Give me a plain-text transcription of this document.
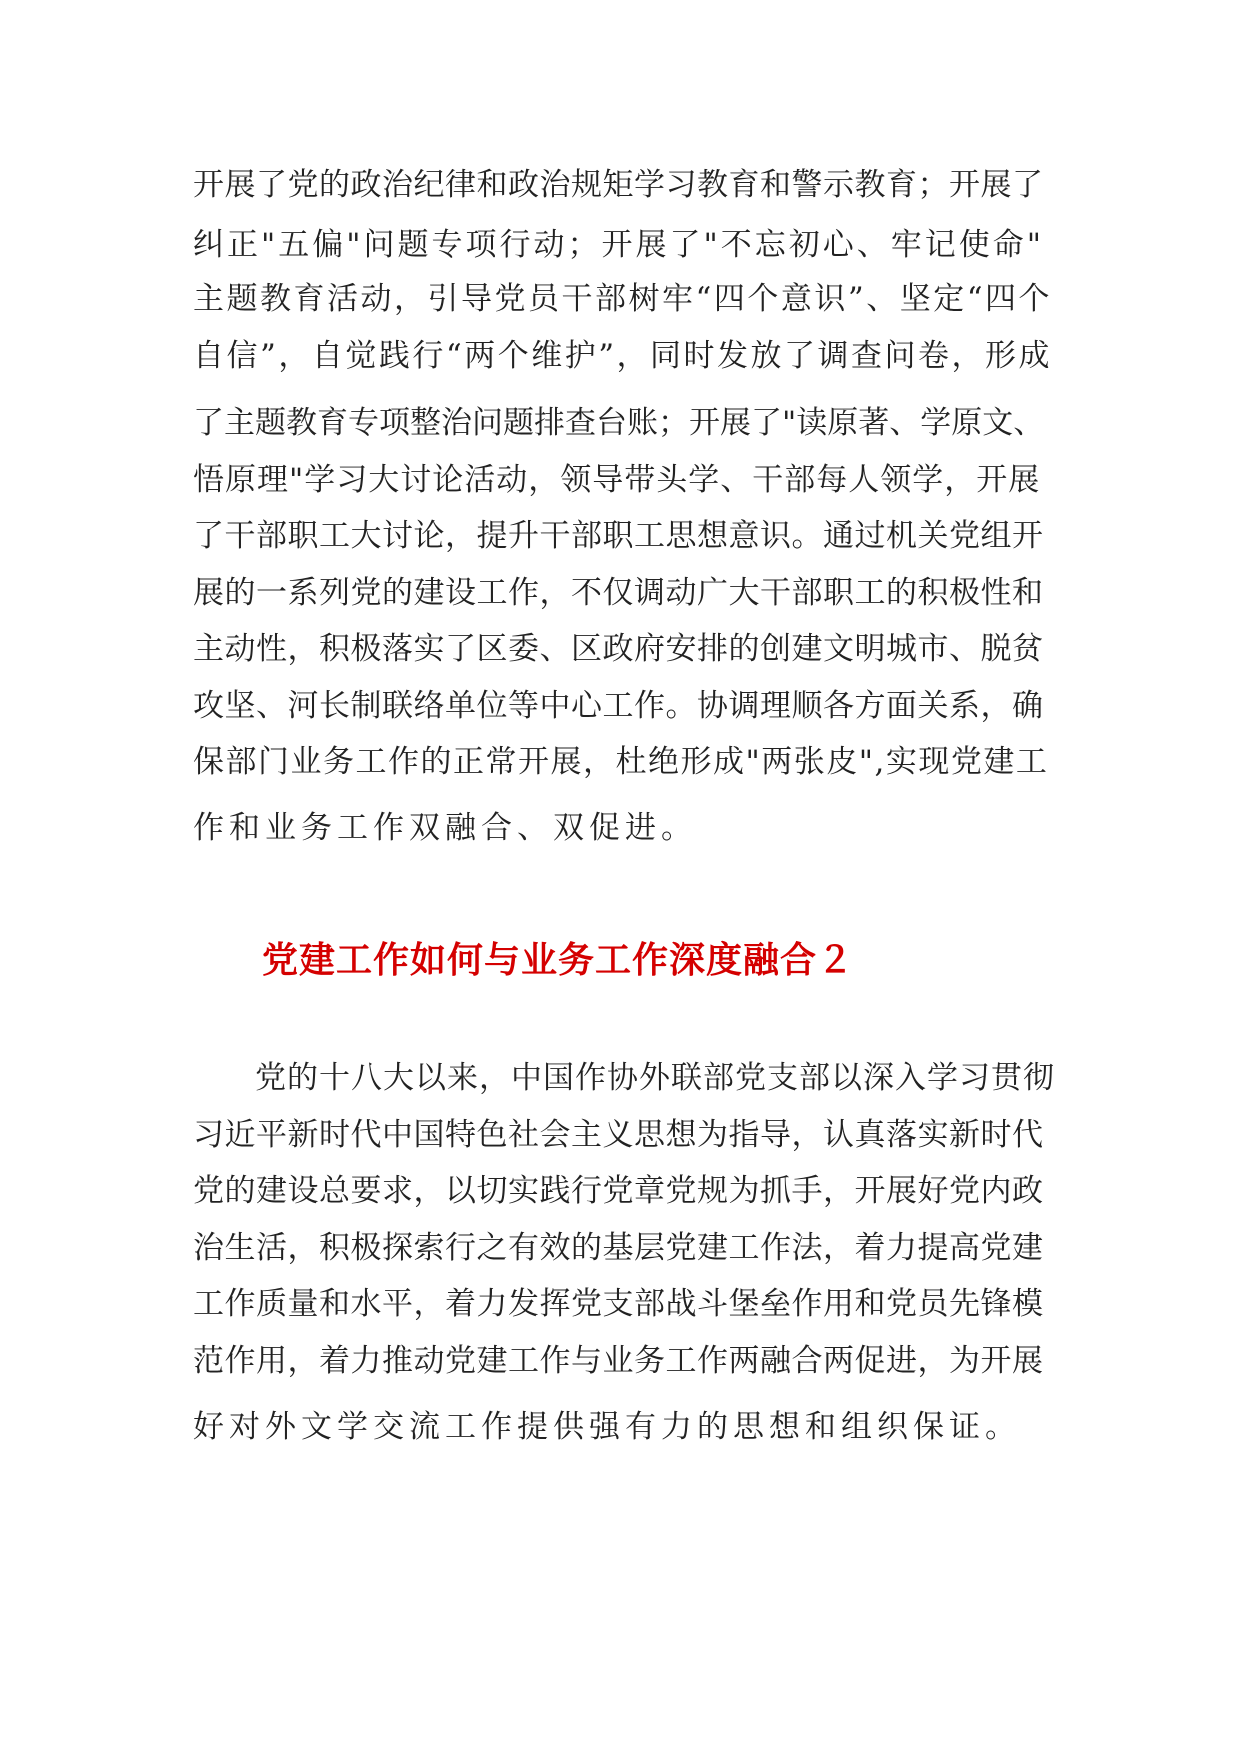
开展了党的政治纪律和政治规矩学习教育和警示教育；开展了
纠正"五偏"问题专项行动；开展了"不忘初心、牢记使命"
主题教育活动，引导党员干部树牢“四个意识”、坚定“四个
自信”，自觉践行“两个维护”，同时发放了调查问卷，形成
了主题教育专项整治问题排查台账；开展了"读原著、学原文、
悟原理"学习大讨论活动，领导带头学、干部每人领学，开展
了干部职工大讨论，提升干部职工思想意识。通过机关党组开
展的一系列党的建设工作，不仅调动广大干部职工的积极性和
主动性，积极落实了区委、区政府安排的创建文明城市、脱贫
攻坚、河长制联络单位等中心工作。协调理顺各方面关系，确
保部门业务工作的正常开展，杜绝形成"两张皮",实现党建工
作和业务工作双融合、双促进。
党建工作如何与业务工作深度融合２
党的十八大以来，中国作协外联部党支部以深入学习贯彻
习近平新时代中国特色社会主义思想为指导，认真落实新时代
党的建设总要求，以切实践行党章党规为抓手，开展好党内政
治生活，积极探索行之有效的基层党建工作法，着力提高党建
工作质量和水平，着力发挥党支部战斗堡垒作用和党员先锋模
范作用，着力推动党建工作与业务工作两融合两促进，为开展
好对外文学交流工作提供强有力的思想和组织保证。
